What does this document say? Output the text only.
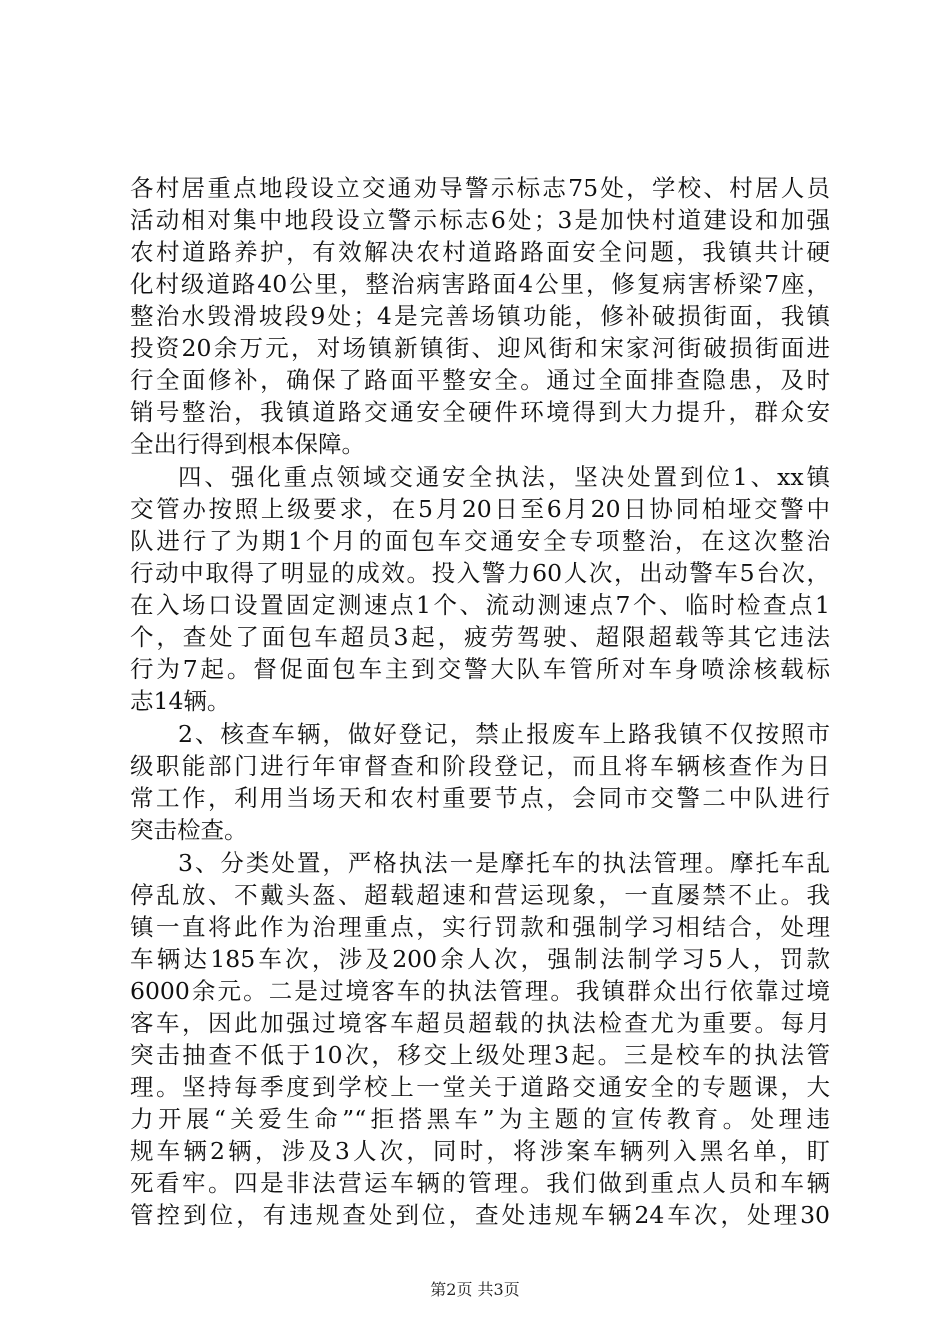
各村居重点地段设立交通劝导警示标志75处，学校、村居人员
活动相对集中地段设立警示标志6处；3是加快村道建设和加强
农村道路养护，有效解决农村道路路面安全问题，我镇共计硬
化村级道路40公里，整治病害路面4公里，修复病害桥梁7座，
整治水毁滑坡段9处；4是完善场镇功能，修补破损街面，我镇
投资20余万元，对场镇新镇街、迎风街和宋家河街破损街面进
行全面修补，确保了路面平整安全。通过全面排查隐患，及时
销号整治，我镇道路交通安全硬件环境得到大力提升，群众安
全出行得到根本保障。
四、强化重点领域交通安全执法，坚决处置到位1、xx镇
交管办按照上级要求，在5月20日至6月20日协同柏垭交警中
队进行了为期1个月的面包车交通安全专项整治，在这次整治
行动中取得了明显的成效。投入警力60人次，出动警车5台次，
在入场口设置固定测速点1个、流动测速点7个、临时检查点1
个，查处了面包车超员3起，疲劳驾驶、超限超载等其它违法
行为7起。督促面包车主到交警大队车管所对车身喷涂核载标
志14辆。
2、核查车辆，做好登记，禁止报废车上路我镇不仅按照市
级职能部门进行年审督查和阶段登记，而且将车辆核查作为日
常工作，利用当场天和农村重要节点，会同市交警二中队进行
突击检查。
3、分类处置，严格执法一是摩托车的执法管理。摩托车乱
停乱放、不戴头盔、超载超速和营运现象，一直屡禁不止。我
镇一直将此作为治理重点，实行罚款和强制学习相结合，处理
车辆达185车次，涉及200余人次，强制法制学习5人，罚款
6000余元。二是过境客车的执法管理。我镇群众出行依靠过境
客车，因此加强过境客车超员超载的执法检查尤为重要。每月
突击抽查不低于10次，移交上级处理3起。三是校车的执法管
理。坚持每季度到学校上一堂关于道路交通安全的专题课，大
力开展“关爱生命”“拒搭黑车”为主题的宣传教育。处理违
规车辆2辆，涉及3人次，同时，将涉案车辆列入黑名单，盯
死看牢。四是非法营运车辆的管理。我们做到重点人员和车辆
管控到位，有违规查处到位，查处违规车辆24车次，处理30
第2页 共3页
